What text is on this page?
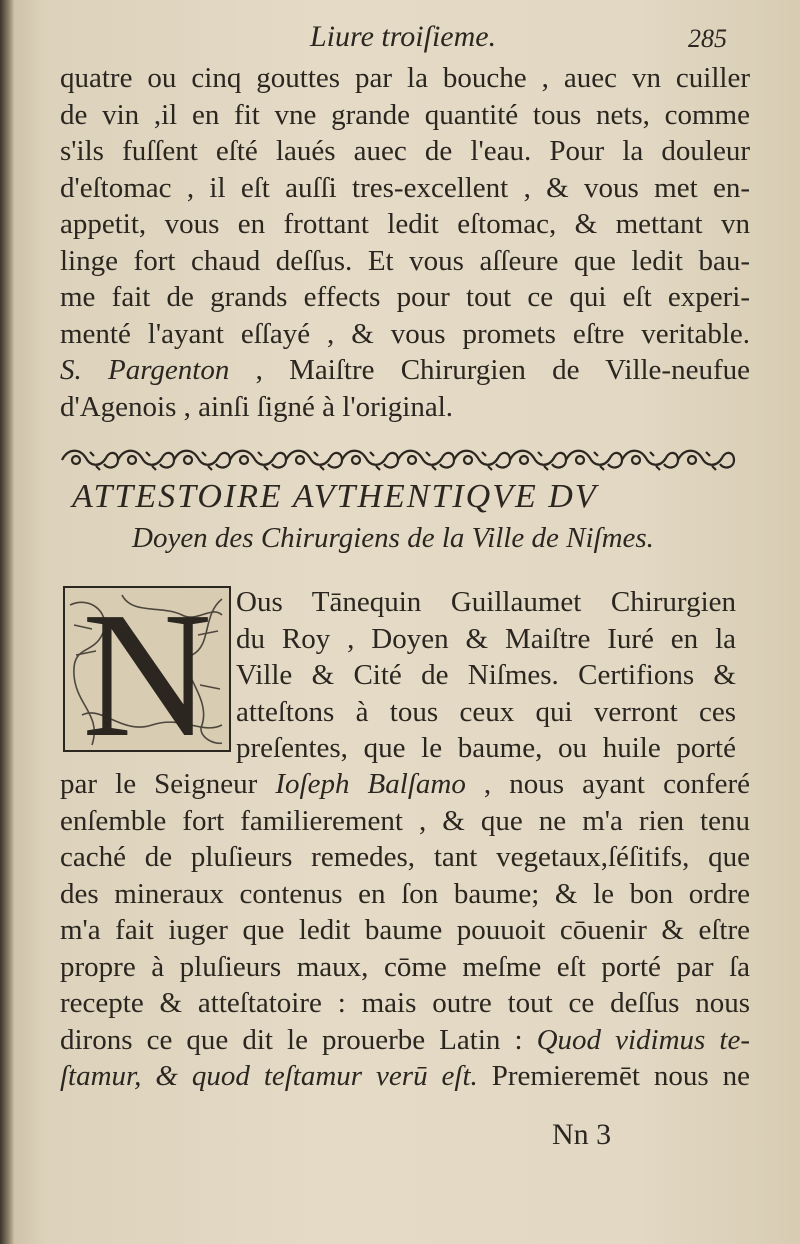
Liure troiſieme.	285
quatre ou cinq gouttes par la bouche , auec vn cuiller
de vin ,il en fit vne grande quantité tous nets, comme
s'ils fuſſent eſté laués auec de l'eau. Pour la douleur
d'eſtomac , il eſt auſſi tres-excellent , & vous met en-
appetit, vous en frottant ledit eſtomac, & mettant vn
linge fort chaud deſſus. Et vous aſſeure que ledit bau-
me fait de grands effects pour tout ce qui eſt experi-
menté l'ayant eſſayé , & vous promets eſtre veritable.
S. Pargenton , Maiſtre Chirurgien de Ville-neufue
d'Agenois , ainſi ſigné à l'original.
ATTESTOIRE AVTHENTIQVE DV
Doyen des Chirurgiens de la Ville de Niſmes.
N Ous Tānequin Guillaumet Chirurgien
du Roy , Doyen & Maiſtre Iuré en la
Ville & Cité de Niſmes. Certifions &
atteſtons à tous ceux qui verront ces
preſentes, que le baume, ou huile porté
par le Seigneur Ioſeph Balſamo , nous ayant conferé
enſemble fort familierement , & que ne m'a rien tenu
caché de pluſieurs remedes, tant vegetaux,ſéſitifs, que
des mineraux contenus en ſon baume; & le bon ordre
m'a fait iuger que ledit baume pouuoit cōuenir & eſtre
propre à pluſieurs maux, cōme meſme eſt porté par ſa
recepte & atteſtatoire : mais outre tout ce deſſus nous
dirons ce que dit le prouerbe Latin : Quod vidimus te-
ſtamur, & quod teſtamur verū eſt. Premieremēt nous ne
Nn 3
